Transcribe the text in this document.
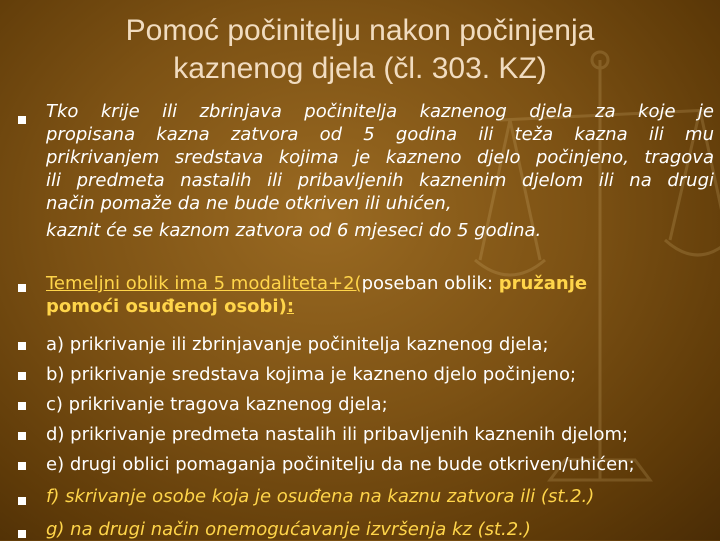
Pomoć počinitelju nakon počinjenja
kaznenog djela (čl. 303. KZ)
Tko krije ili zbrinjava počinitelja kaznenog djela za koje je
propisana kazna zatvora od 5 godina ili teža kazna ili mu
prikrivanjem sredstava kojima je kazneno djelo počinjeno, tragova
ili predmeta nastalih ili pribavljenih kaznenim djelom ili na drugi
način pomaže da ne bude otkriven ili uhićen,
kaznit će se kaznom zatvora od 6 mjeseci do 5 godina.
Temeljni oblik ima 5 modaliteta+2(poseban oblik: pružanje
pomoći osuđenoj osobi):
a) prikrivanje ili zbrinjavanje počinitelja kaznenog djela;
b) prikrivanje sredstava kojima je kazneno djelo počinjeno;
c) prikrivanje tragova kaznenog djela;
d) prikrivanje predmeta nastalih ili pribavljenih kaznenih djelom;
e) drugi oblici pomaganja počinitelju da ne bude otkriven/uhićen;
f) skrivanje osobe koja je osuđena na kaznu zatvora ili (st.2.)
g) na drugi način onemogućavanje izvršenja kz (st.2.)
